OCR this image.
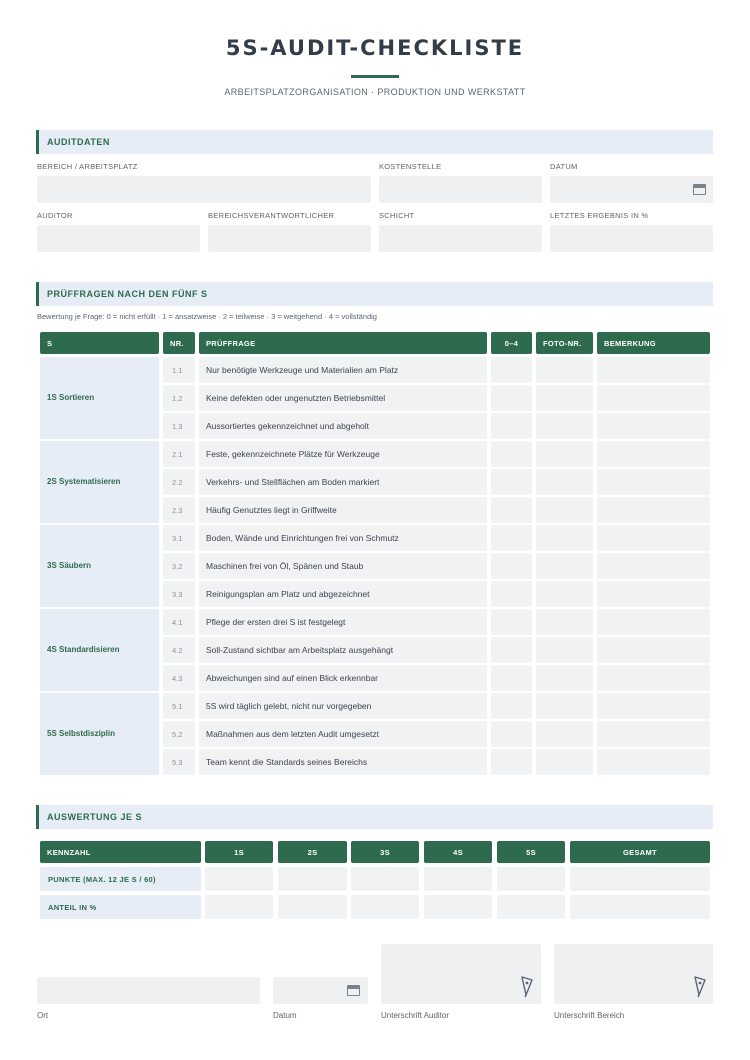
5S-AUDIT-CHECKLISTE
ARBEITSPLATZORGANISATION · PRODUKTION UND WERKSTATT
AUDITDATEN
BEREICH / ARBEITSPLATZ	KOSTENSTELLE	DATUM
AUDITOR	BEREICHSVERANTWORTLICHER	SCHICHT	LETZTES ERGEBNIS IN %
PRÜFFRAGEN NACH DEN FÜNF S
Bewertung je Frage: 0 = nicht erfüllt · 1 = ansatzweise · 2 = teilweise · 3 = weitgehend · 4 = vollständig
S	NR.	PRÜFFRAGE	0–4	FOTO-NR.	BEMERKUNG
1S Sortieren
1.1	Nur benötigte Werkzeuge und Materialien am Platz
1.2	Keine defekten oder ungenutzten Betriebsmittel
1.3	Aussortiertes gekennzeichnet und abgeholt
2S Systematisieren
2.1	Feste, gekennzeichnete Plätze für Werkzeuge
2.2	Verkehrs- und Stellflächen am Boden markiert
2.3	Häufig Genutztes liegt in Griffweite
3S Säubern
3.1	Boden, Wände und Einrichtungen frei von Schmutz
3.2	Maschinen frei von Öl, Spänen und Staub
3.3	Reinigungsplan am Platz und abgezeichnet
4S Standardisieren
4.1	Pflege der ersten drei S ist festgelegt
4.2	Soll-Zustand sichtbar am Arbeitsplatz ausgehängt
4.3	Abweichungen sind auf einen Blick erkennbar
5S Selbstdisziplin
5.1	5S wird täglich gelebt, nicht nur vorgegeben
5.2	Maßnahmen aus dem letzten Audit umgesetzt
5.3	Team kennt die Standards seines Bereichs
AUSWERTUNG JE S
KENNZAHL	1S	2S	3S	4S	5S	GESAMT
PUNKTE (MAX. 12 JE S / 60)
ANTEIL IN %
Ort	Datum	Unterschrift Auditor	Unterschrift Bereich
